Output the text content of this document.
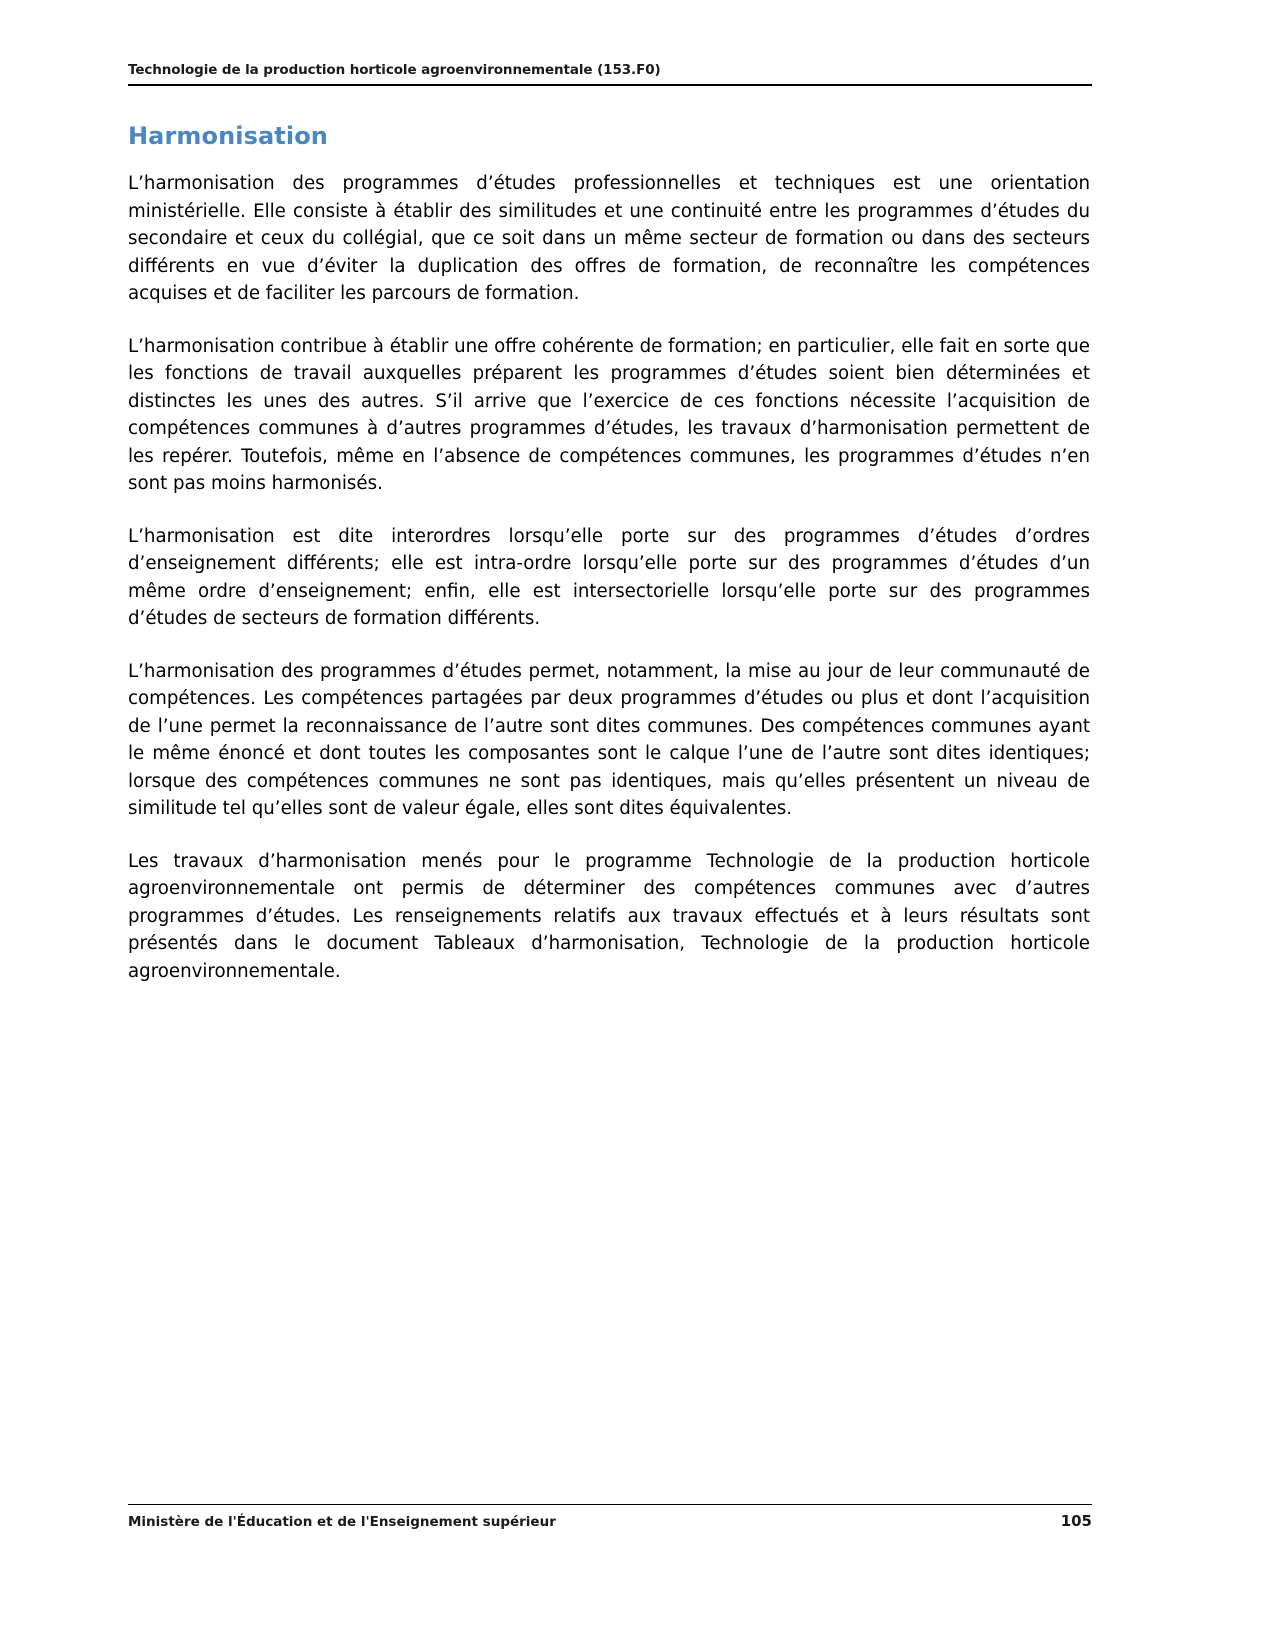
Technologie de la production horticole agroenvironnementale (153.F0)
Harmonisation

L’harmonisation des programmes d’études professionnelles et techniques est une orientation ministérielle. Elle consiste à établir des similitudes et une continuité entre les programmes d’études du secondaire et ceux du collégial, que ce soit dans un même secteur de formation ou dans des secteurs différents en vue d’éviter la duplication des offres de formation, de reconnaître les compétences acquises et de faciliter les parcours de formation.

L’harmonisation contribue à établir une offre cohérente de formation; en particulier, elle fait en sorte que les fonctions de travail auxquelles préparent les programmes d’études soient bien déterminées et distinctes les unes des autres. S’il arrive que l’exercice de ces fonctions nécessite l’acquisition de compétences communes à d’autres programmes d’études, les travaux d’harmonisation permettent de les repérer. Toutefois, même en l’absence de compétences communes, les programmes d’études n’en sont pas moins harmonisés.

L’harmonisation est dite interordres lorsqu’elle porte sur des programmes d’études d’ordres d’enseignement différents; elle est intra-ordre lorsqu’elle porte sur des programmes d’études d’un même ordre d’enseignement; enfin, elle est intersectorielle lorsqu’elle porte sur des programmes d’études de secteurs de formation différents.

L’harmonisation des programmes d’études permet, notamment, la mise au jour de leur communauté de compétences. Les compétences partagées par deux programmes d’études ou plus et dont l’acquisition de l’une permet la reconnaissance de l’autre sont dites communes. Des compétences communes ayant le même énoncé et dont toutes les composantes sont le calque l’une de l’autre sont dites identiques; lorsque des compétences communes ne sont pas identiques, mais qu’elles présentent un niveau de similitude tel qu’elles sont de valeur égale, elles sont dites équivalentes.

Les travaux d’harmonisation menés pour le programme Technologie de la production horticole agroenvironnementale ont permis de déterminer des compétences communes avec d’autres programmes d’études. Les renseignements relatifs aux travaux effectués et à leurs résultats sont présentés dans le document Tableaux d’harmonisation, Technologie de la production horticole agroenvironnementale.

Ministère de l'Éducation et de l'Enseignement supérieur	105
